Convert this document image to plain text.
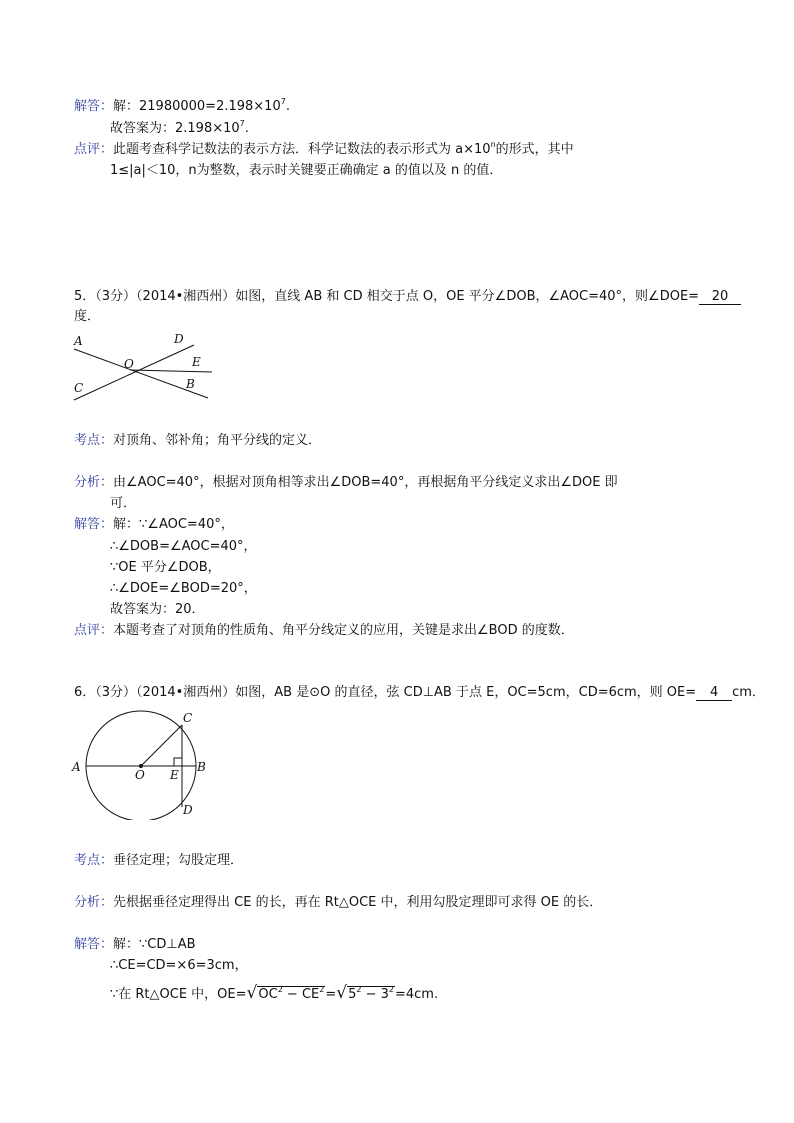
解答：解：$21980000=2.198\times 10^7$.
故答案为：$2.198\times 10^7$.
点评：此题考查科学记数法的表示方法．科学记数法的表示形式为 $a\times 10^n$的形式，其中
1≤|a|＜10，n为整数，表示时关键要正确确定 a 的值以及 n 的值．
5．（3分）（2014•湘西州）如图，直线 AB 和 CD 相交于点 O，OE 平分∠DOB，∠AOC=40°，则∠DOE= 20
度．
A	D
O	E
C	B
考点：对顶角、邻补角；角平分线的定义．
分析：由∠AOC=40°，根据对顶角相等求出∠DOB=40°，再根据角平分线定义求出∠DOE 即
可．
解答：解：∵∠AOC=40°，
∴∠DOB=∠AOC=40°，
∵OE 平分∠DOB，
∴∠DOE=∠BOD=20°，
故答案为：20．
点评：本题考查了对顶角的性质角、角平分线定义的应用，关键是求出∠BOD 的度数．
6．（3分）（2014•湘西州）如图，AB 是⊙O 的直径，弦 CD⊥AB 于点 E，OC=5cm，CD=6cm，则 OE= 4 cm．
A
O E
B
C
D
考点：垂径定理；勾股定理．
分析：先根据垂径定理得出 CE 的长，再在 Rt△OCE 中，利用勾股定理即可求得 OE 的长．
解答：解：∵CD⊥AB
∴CE=CD=×6=3cm，
∵在 Rt△OCE 中，$OE=√OC^2 - CE^2=√5^2 - 3^2=4cm$.
